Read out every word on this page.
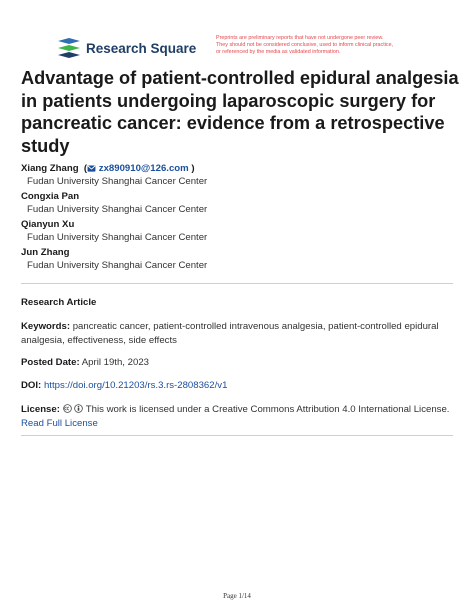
Research Square
Preprints are preliminary reports that have not undergone peer review.
They should not be considered conclusive, used to inform clinical practice,
or referenced by the media as validated information.
Advantage of patient-controlled epidural analgesia in patients undergoing laparoscopic surgery for pancreatic cancer: evidence from a retrospective study
Xiang Zhang  ( zx890910@126.com )
Fudan University Shanghai Cancer Center
Congxia Pan
Fudan University Shanghai Cancer Center
Qianyun Xu
Fudan University Shanghai Cancer Center
Jun Zhang
Fudan University Shanghai Cancer Center
Research Article
Keywords: pancreatic cancer, patient-controlled intravenous analgesia, patient-controlled epidural analgesia, effectiveness, side effects
Posted Date: April 19th, 2023
DOI: https://doi.org/10.21203/rs.3.rs-2808362/v1
License:	This work is licensed under a Creative Commons Attribution 4.0 International License.
Read Full License
Page 1/14
